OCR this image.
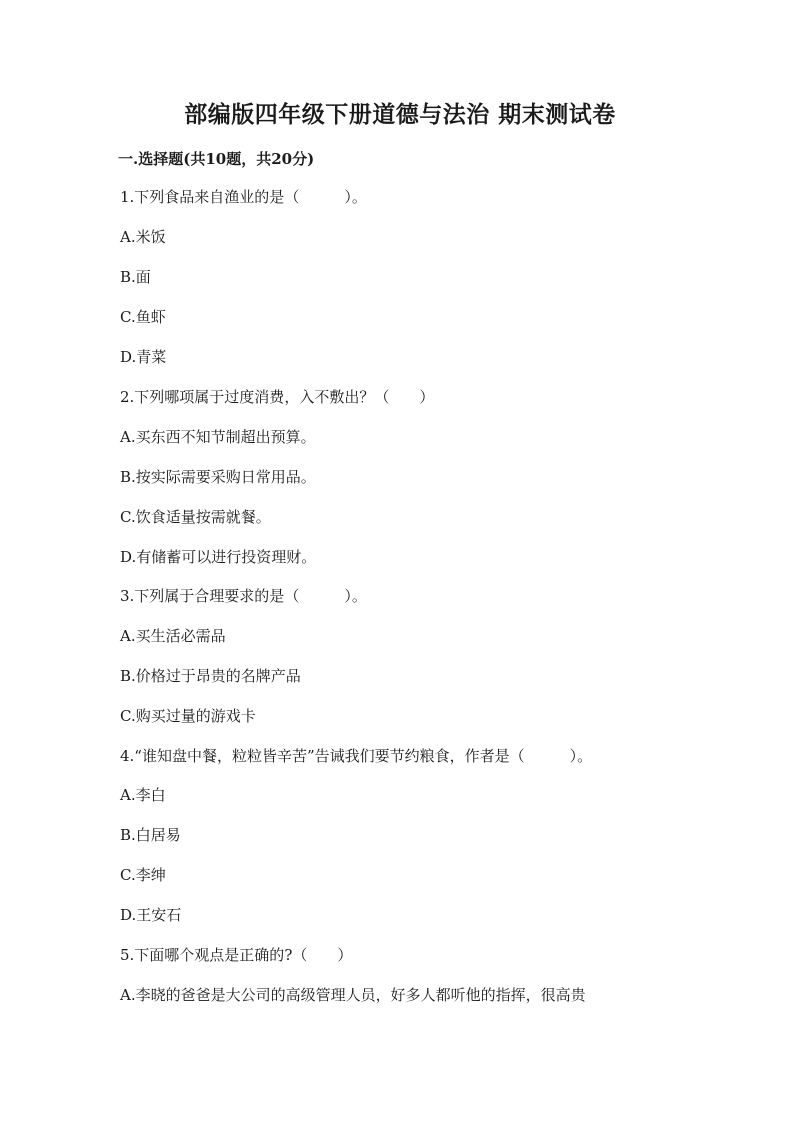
部编版四年级下册道德与法治 期末测试卷
一.选择题(共10题，共20分)
1.下列食品来自渔业的是（　　　）。
A.米饭
B.面
C.鱼虾
D.青菜
2.下列哪项属于过度消费，入不敷出？（　　）
A.买东西不知节制超出预算。
B.按实际需要采购日常用品。
C.饮食适量按需就餐。
D.有储蓄可以进行投资理财。
3.下列属于合理要求的是（　　　）。
A.买生活必需品
B.价格过于昂贵的名牌产品
C.购买过量的游戏卡
4.“谁知盘中餐，粒粒皆辛苦”告诫我们要节约粮食，作者是（　　　）。
A.李白
B.白居易
C.李绅
D.王安石
5.下面哪个观点是正确的?（　　）
A.李晓的爸爸是大公司的高级管理人员，好多人都听他的指挥，很高贵
